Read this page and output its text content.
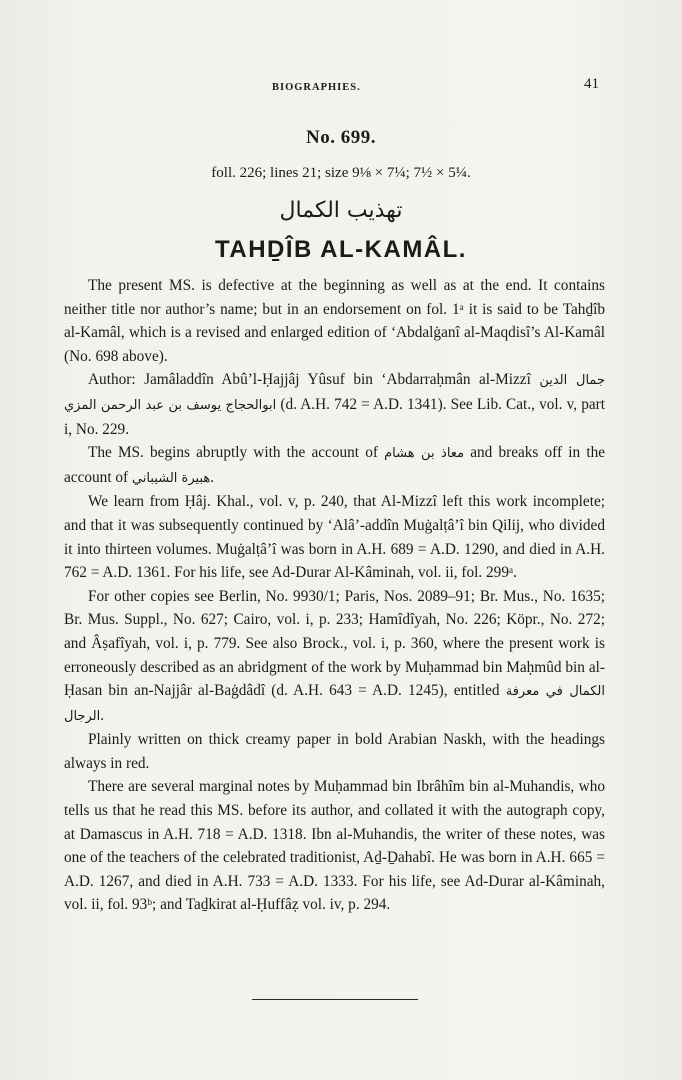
BIOGRAPHIES.	41
No. 699.
foll. 226; lines 21; size 9⅛ × 7¼; 7½ × 5¼.
تهذيب الكمال
TAHḎÎB AL-KAMÂL.

The present MS. is defective at the beginning as well as at the end. It contains neither title nor author’s name; but in an endorsement on fol. 1ᵃ it is said to be Tahḏîb al-Kamâl, which is a revised and enlarged edition of ‘Abdalġanî al-Maqdisî’s Al-Kamâl (No. 698 above).

Author: Jamâladdîn Abû’l-Ḥajjâj Yûsuf bin ‘Abdarraḥmân al-Mizzî جمال الدين ابوالحجاج يوسف بن عبد الرحمن المزي (d. A.H. 742 = A.D. 1341). See Lib. Cat., vol. v, part i, No. 229.

The MS. begins abruptly with the account of معاذ بن هشام and breaks off in the account of هبيرة الشيباني.

We learn from Ḥâj. Khal., vol. v, p. 240, that Al-Mizzî left this work incomplete; and that it was subsequently continued by ‘Alâ’-addîn Muġalṭâ’î bin Qilij, who divided it into thirteen volumes. Muġalṭâ’î was born in A.H. 689 = A.D. 1290, and died in A.H. 762 = A.D. 1361. For his life, see Ad-Durar Al-Kâminah, vol. ii, fol. 299ᵃ.

For other copies see Berlin, No. 9930/1; Paris, Nos. 2089–91; Br. Mus., No. 1635; Br. Mus. Suppl., No. 627; Cairo, vol. i, p. 233; Hamîdîyah, No. 226; Köpr., No. 272; and Âṣafîyah, vol. i, p. 779. See also Brock., vol. i, p. 360, where the present work is erroneously described as an abridgment of the work by Muḥammad bin Maḥmûd bin al-Ḥasan bin an-Najjâr al-Baġdâdî (d. A.H. 643 = A.D. 1245), entitled الكمال في معرفة الرجال.

Plainly written on thick creamy paper in bold Arabian Naskh, with the headings always in red.

There are several marginal notes by Muḥammad bin Ibrâhîm bin al-Muhandis, who tells us that he read this MS. before its author, and collated it with the autograph copy, at Damascus in A.H. 718 = A.D. 1318. Ibn al-Muhandis, the writer of these notes, was one of the teachers of the celebrated traditionist, Aḏ-Ḏahabî. He was born in A.H. 665 = A.D. 1267, and died in A.H. 733 = A.D. 1333. For his life, see Ad-Durar al-Kâminah, vol. ii, fol. 93ᵇ; and Taḏkirat al-Ḥuffâẓ vol. iv, p. 294.
